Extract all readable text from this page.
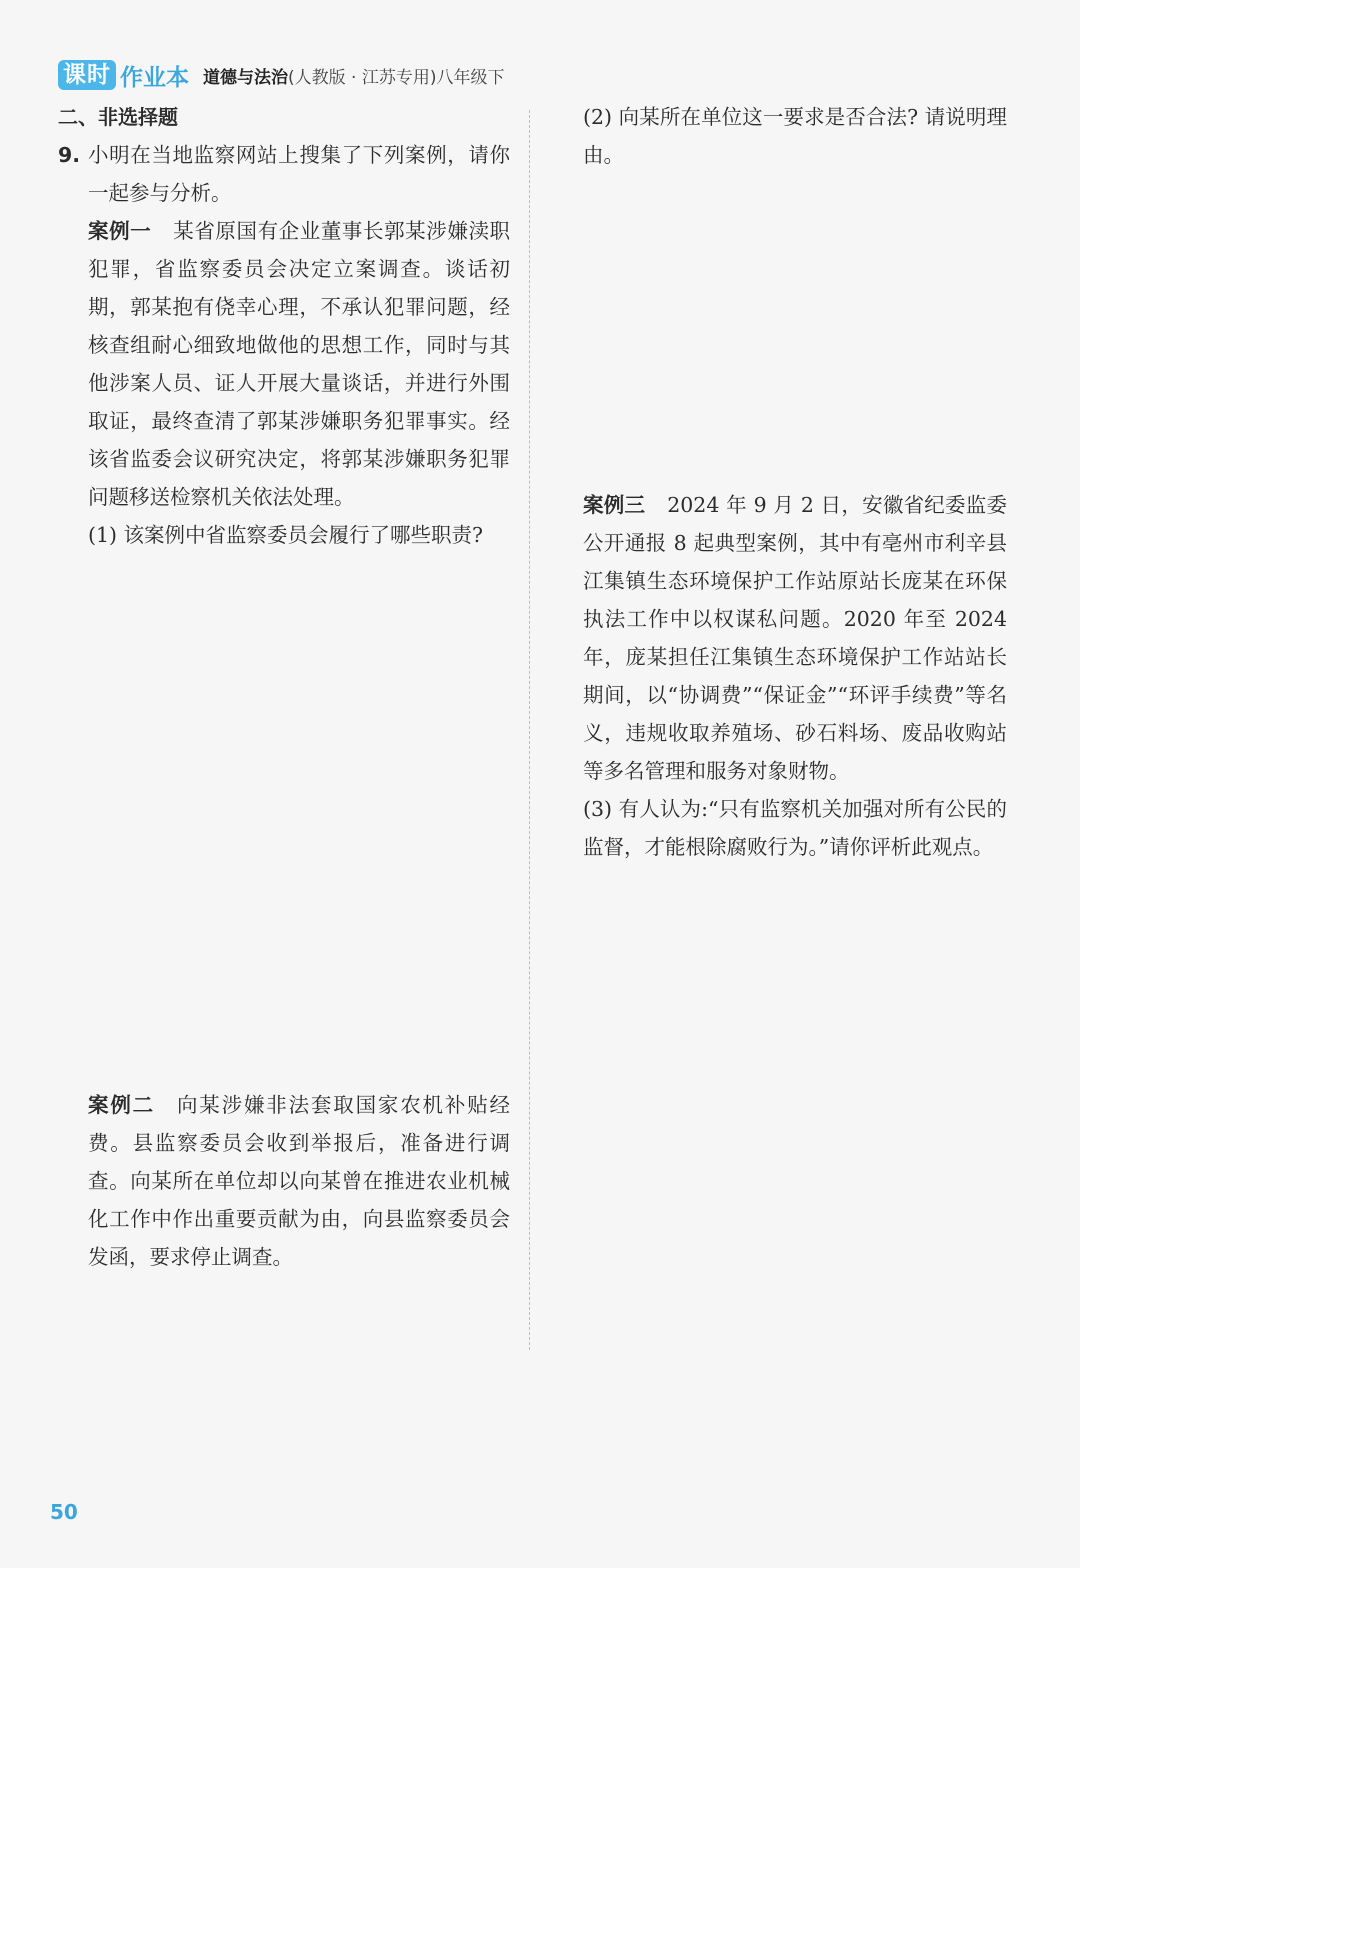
课时 作业本 道德与法治 (人教版 · 江苏专用)八年级下

二、非选择题

9. 小明在当地监察网站上搜集了下列案例，请你一起参与分析。

案例一 某省原国有企业董事长郭某涉嫌渎职犯罪，省监察委员会决定立案调查。谈话初期，郭某抱有侥幸心理，不承认犯罪问题，经核查组耐心细致地做他的思想工作，同时与其他涉案人员、证人开展大量谈话，并进行外围取证，最终查清了郭某涉嫌职务犯罪事实。经该省监委会议研究决定，将郭某涉嫌职务犯罪问题移送检察机关依法处理。

(1) 该案例中省监察委员会履行了哪些职责?

案例二 向某涉嫌非法套取国家农机补贴经费。县监察委员会收到举报后，准备进行调查。向某所在单位却以向某曾在推进农业机械化工作中作出重要贡献为由，向县监察委员会发函，要求停止调查。

(2) 向某所在单位这一要求是否合法? 请说明理由。

案例三 2024 年 9 月 2 日，安徽省纪委监委公开通报 8 起典型案例，其中有亳州市利辛县江集镇生态环境保护工作站原站长庞某在环保执法工作中以权谋私问题。2020 年至 2024 年，庞某担任江集镇生态环境保护工作站站长期间，以“协调费”“保证金”“环评手续费”等名义，违规收取养殖场、砂石料场、废品收购站等多名管理和服务对象财物。

(3) 有人认为:“只有监察机关加强对所有公民的监督，才能根除腐败行为。”请你评析此观点。

50
